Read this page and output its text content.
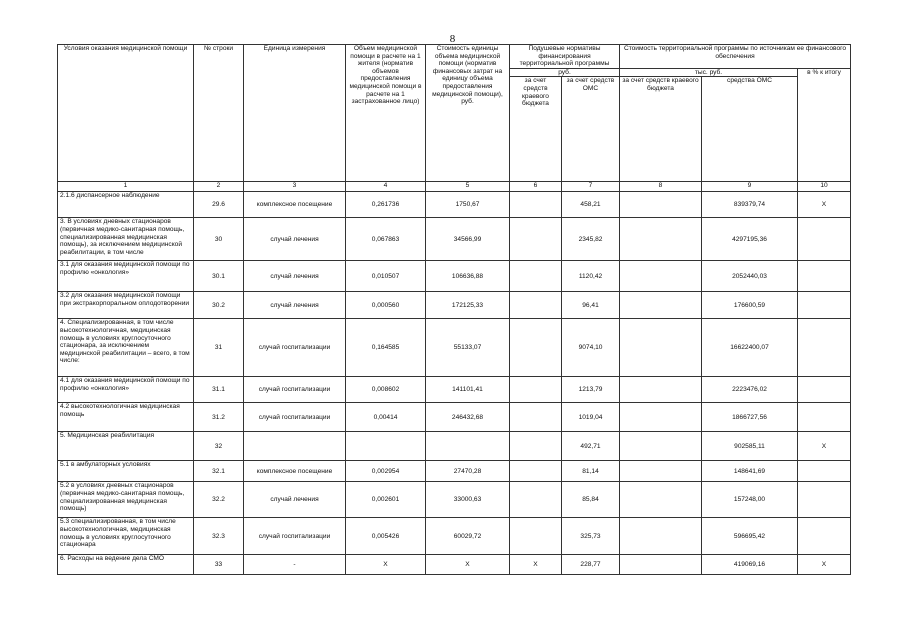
8
Условия оказания медицинской помощи	№ строки	Единица измерения	Объем медицинской помощи в расчете на 1 жителя (норматив объемов предоставления медицинской помощи в расчете на 1 застрахованное лицо)	Стоимость единицы объема медицинской помощи (норматив финансовых затрат на единицу объема предоставления медицинской помощи), руб.	Подушевые нормативы финансирования территориальной программы		Стоимость территориальной программы по источникам ее финансового обеспечения		
					руб.		тыс. руб.		в % к итогу
					за счет средств краевого бюджета	за счет средств ОМС	за счет средств краевого бюджета	средства ОМС	
1	2	3	4	5	6	7	8	9	10
2.1.6 диспансерное наблюдение	29.6	комплексное посещение	0,261736	1750,67		458,21		839379,74	X
3. В условиях дневных стационаров (первичная медико-санитарная помощь, специализированная медицинская помощь), за исключением медицинской реабилитации, в том числе	30	случай лечения	0,067863	34566,99		2345,82		4297195,36	
3.1 для оказания медицинской помощи по профилю «онкология»	30.1	случай лечения	0,010507	106636,88		1120,42		2052440,03	
3.2 для оказания медицинской помощи при экстракорпоральном оплодотворении	30.2	случай лечения	0,000560	172125,33		96,41		176600,59	
4. Специализированная, в том числе высокотехнологичная, медицинская помощь в условиях круглосуточного стационара, за исключением медицинской реабилитации – всего, в том числе:	31	случай госпитализации	0,164585	55133,07		9074,10		16622400,07	
4.1 для оказания медицинской помощи по профилю «онкология»	31.1	случай госпитализации	0,008602	141101,41		1213,79		2223476,02	
4.2 высокотехнологичная медицинская помощь	31.2	случай госпитализации	0,00414	246432,68		1019,04		1866727,56	
5. Медицинская реабилитация	32					492,71		902585,11	X
5.1 в амбулаторных условиях	32.1	комплексное посещение	0,002954	27470,28		81,14		148641,69	
5.2 в условиях дневных стационаров (первичная медико-санитарная помощь, специализированная медицинская помощь)	32.2	случай лечения	0,002601	33000,63		85,84		157248,00	
5.3 специализированная, в том числе высокотехнологичная, медицинская помощь в условиях круглосуточного стационара	32.3	случай госпитализации	0,005426	60029,72		325,73		596695,42	
6. Расходы на ведение дела СМО	33	-	X	X	X	228,77		419069,16	X
